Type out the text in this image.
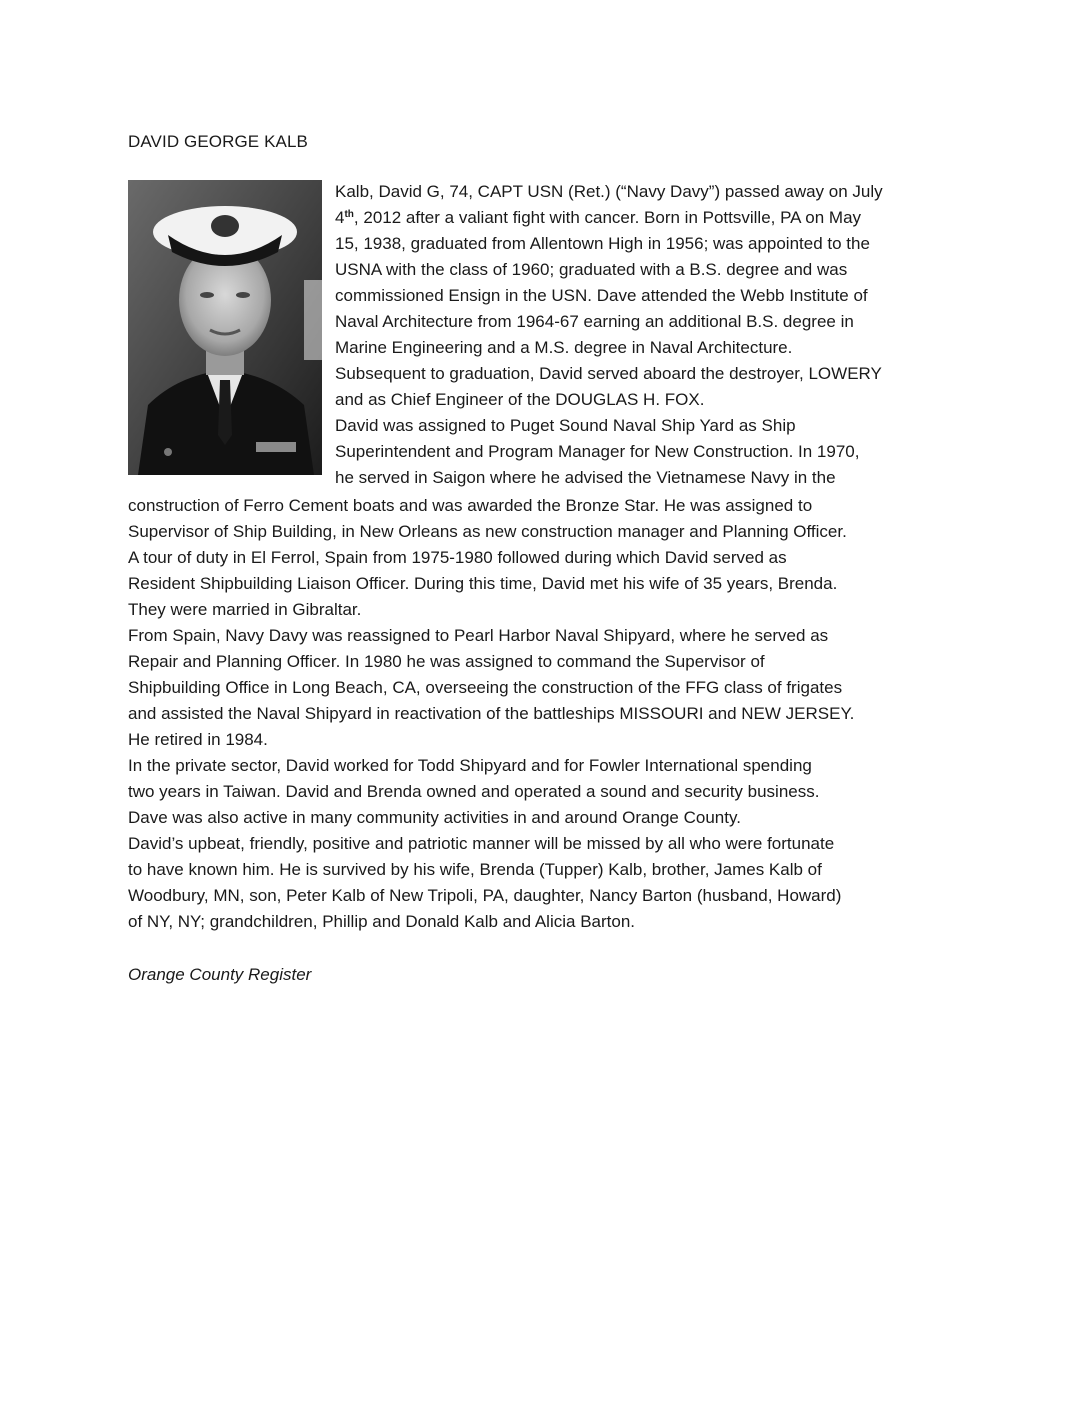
DAVID GEORGE KALB
Kalb, David G, 74, CAPT USN (Ret.) (“Navy Davy”) passed away on July
4th, 2012 after a valiant fight with cancer. Born in Pottsville, PA on May
15, 1938, graduated from Allentown High in 1956; was appointed to the
USNA with the class of 1960; graduated with a B.S. degree and was
commissioned Ensign in the USN. Dave attended the Webb Institute of
Naval Architecture from 1964-67 earning an additional B.S. degree in
Marine Engineering and a M.S. degree in Naval Architecture.
Subsequent to graduation, David served aboard the destroyer, LOWERY
and as Chief Engineer of the DOUGLAS H. FOX.
David was assigned to Puget Sound Naval Ship Yard as Ship
Superintendent and Program Manager for New Construction. In 1970,
he served in Saigon where he advised the Vietnamese Navy in the
construction of Ferro Cement boats and was awarded the Bronze Star. He was assigned to
Supervisor of Ship Building, in New Orleans as new construction manager and Planning Officer.
A tour of duty in El Ferrol, Spain from 1975-1980 followed during which David served as
Resident Shipbuilding Liaison Officer. During this time, David met his wife of 35 years, Brenda.
They were married in Gibraltar.
From Spain, Navy Davy was reassigned to Pearl Harbor Naval Shipyard, where he served as
Repair and Planning Officer. In 1980 he was assigned to command the Supervisor of
Shipbuilding Office in Long Beach, CA, overseeing the construction of the FFG class of frigates
and assisted the Naval Shipyard in reactivation of the battleships MISSOURI and NEW JERSEY.
He retired in 1984.
In the private sector, David worked for Todd Shipyard and for Fowler International spending
two years in Taiwan. David and Brenda owned and operated a sound and security business.
Dave was also active in many community activities in and around Orange County.
David’s upbeat, friendly, positive and patriotic manner will be missed by all who were fortunate
to have known him. He is survived by his wife, Brenda (Tupper) Kalb, brother, James Kalb of
Woodbury, MN, son, Peter Kalb of New Tripoli, PA, daughter, Nancy Barton (husband, Howard)
of NY, NY; grandchildren, Phillip and Donald Kalb and Alicia Barton.
Orange County Register
